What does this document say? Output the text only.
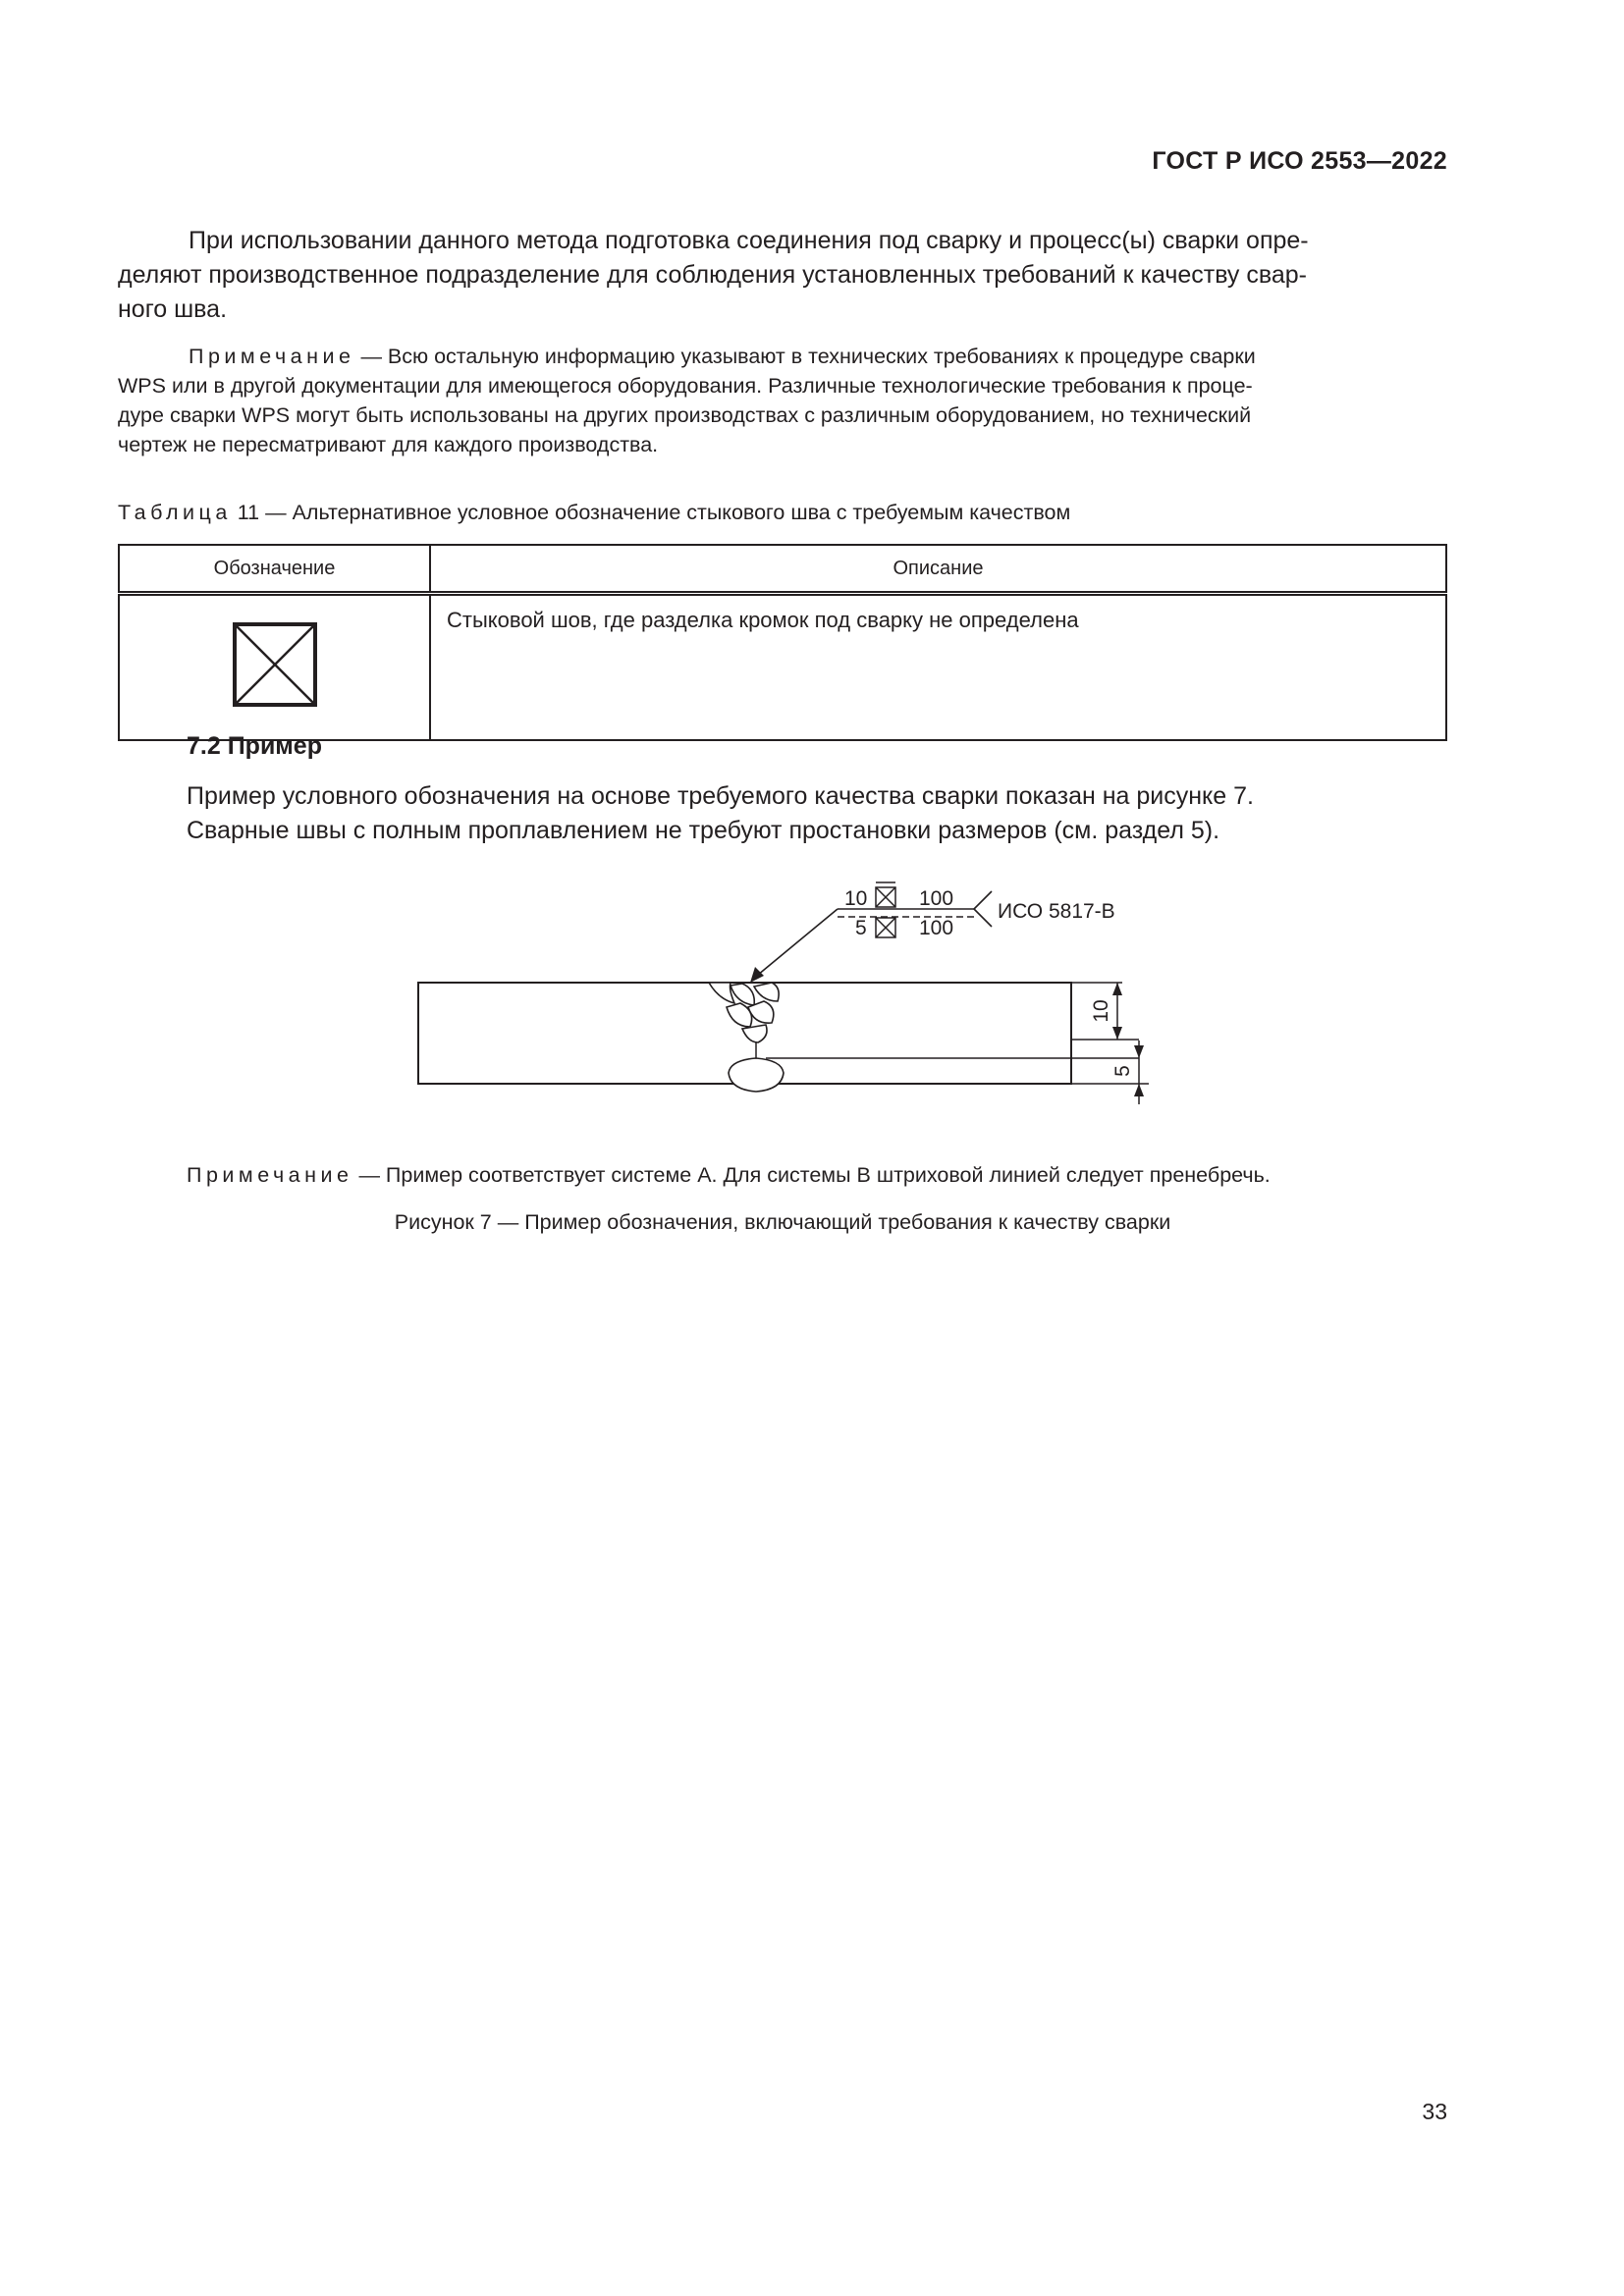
ГОСТ Р ИСО 2553—2022
При использовании данного метода подготовка соединения под сварку и процесс(ы) сварки опре-
деляют производственное подразделение для соблюдения установленных требований к качеству свар-
ного шва.
Примечание — Всю остальную информацию указывают в технических требованиях к процедуре сварки
WPS или в другой документации для имеющегося оборудования. Различные технологические требования к проце-
дуре сварки WPS могут быть использованы на других производствах с различным оборудованием, но технический
чертеж не пересматривают для каждого производства.
Таблица 11 — Альтернативное условное обозначение стыкового шва с требуемым качеством
Обозначение	Описание
	Стыковой шов, где разделка кромок под сварку не определена
7.2 Пример
Пример условного обозначения на основе требуемого качества сварки показан на рисунке 7.
Сварные швы с полным проплавлением не требуют простановки размеров (см. раздел 5).
10	100
5	100
ИСО 5817-В
10
5
Примечание — Пример соответствует системе А. Для системы В штриховой линией следует пренебречь.
Рисунок 7 — Пример обозначения, включающий требования к качеству сварки
33
